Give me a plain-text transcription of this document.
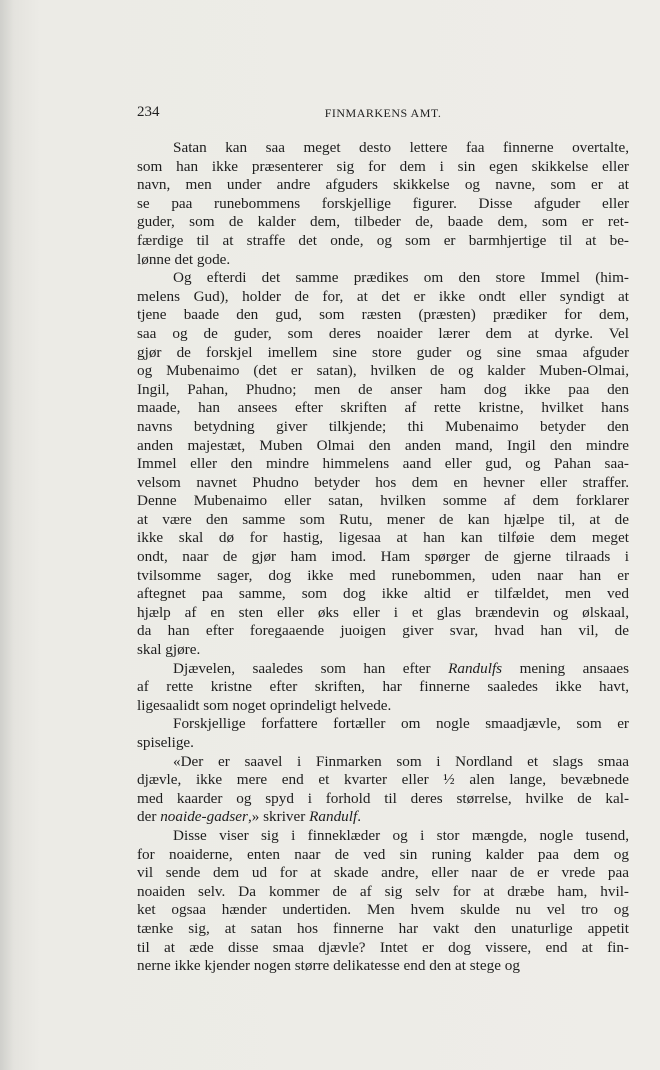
234	FINMARKENS AMT.
Satan kan saa meget desto lettere faa finnerne overtalte,
som han ikke præsenterer sig for dem i sin egen skikkelse eller
navn, men under andre afguders skikkelse og navne, som er at
se paa runebommens forskjellige figurer. Disse afguder eller
guder, som de kalder dem, tilbeder de, baade dem, som er ret-
færdige til at straffe det onde, og som er barmhjertige til at be-
lønne det gode.
Og efterdi det samme prædikes om den store Immel (him-
melens Gud), holder de for, at det er ikke ondt eller syndigt at
tjene baade den gud, som ræsten (præsten) prædiker for dem,
saa og de guder, som deres noaider lærer dem at dyrke. Vel
gjør de forskjel imellem sine store guder og sine smaa afguder
og Mubenaimo (det er satan), hvilken de og kalder Muben-Olmai,
Ingil, Pahan, Phudno; men de anser ham dog ikke paa den
maade, han ansees efter skriften af rette kristne, hvilket hans
navns betydning giver tilkjende; thi Mubenaimo betyder den
anden majestæt, Muben Olmai den anden mand, Ingil den mindre
Immel eller den mindre himmelens aand eller gud, og Pahan saa-
velsom navnet Phudno betyder hos dem en hevner eller straffer.
Denne Mubenaimo eller satan, hvilken somme af dem forklarer
at være den samme som Rutu, mener de kan hjælpe til, at de
ikke skal dø for hastig, ligesaa at han kan tilføie dem meget
ondt, naar de gjør ham imod. Ham spørger de gjerne tilraads i
tvilsomme sager, dog ikke med runebommen, uden naar han er
aftegnet paa samme, som dog ikke altid er tilfældet, men ved
hjælp af en sten eller øks eller i et glas brændevin og ølskaal,
da han efter foregaaende juoigen giver svar, hvad han vil, de
skal gjøre.
Djævelen, saaledes som han efter Randulfs mening ansaaes
af rette kristne efter skriften, har finnerne saaledes ikke havt,
ligesaalidt som noget oprindeligt helvede.
Forskjellige forfattere fortæller om nogle smaadjævle, som er
spiselige.
«Der er saavel i Finmarken som i Nordland et slags smaa
djævle, ikke mere end et kvarter eller ½ alen lange, bevæbnede
med kaarder og spyd i forhold til deres størrelse, hvilke de kal-
der noaide-gadser,» skriver Randulf.
Disse viser sig i finneklæder og i stor mængde, nogle tusend,
for noaiderne, enten naar de ved sin runing kalder paa dem og
vil sende dem ud for at skade andre, eller naar de er vrede paa
noaiden selv. Da kommer de af sig selv for at dræbe ham, hvil-
ket ogsaa hænder undertiden. Men hvem skulde nu vel tro og
tænke sig, at satan hos finnerne har vakt den unaturlige appetit
til at æde disse smaa djævle? Intet er dog vissere, end at fin-
nerne ikke kjender nogen større delikatesse end den at stege og
